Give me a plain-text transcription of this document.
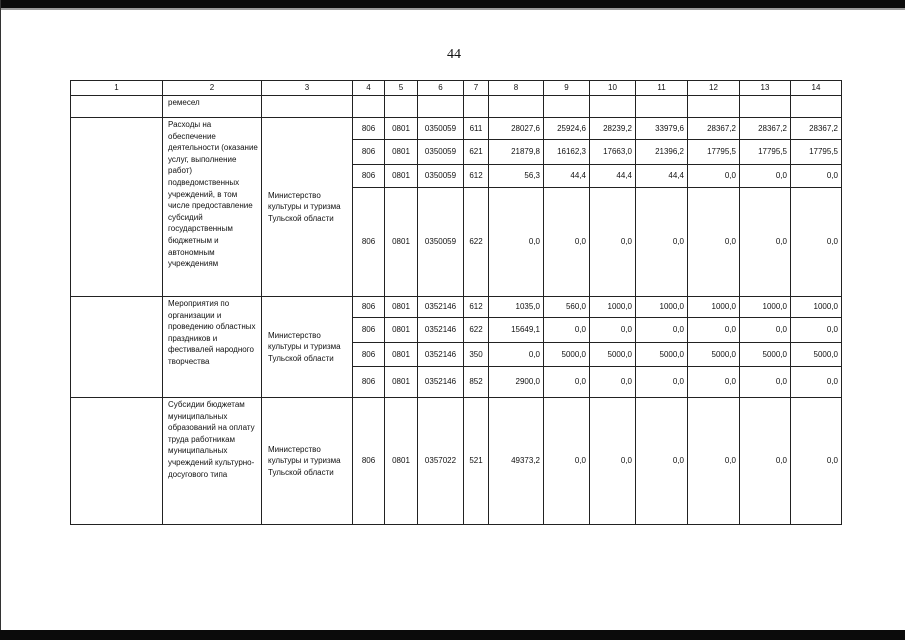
44
1	2	3	4	5	6	7	8	9	10	11	12	13	14
	ремесел												
	Расходы на обеспечение деятельности (оказание услуг, выполнение работ) подведомственных учреждений, в том числе предоставление субсидий государственным бюджетным и автономным учреждениям	Министерство культуры и туризма Тульской области	806	0801	0350059	611	28027,6	25924,6	28239,2	33979,6	28367,2	28367,2	28367,2
			806	0801	0350059	621	21879,8	16162,3	17663,0	21396,2	17795,5	17795,5	17795,5
			806	0801	0350059	612	56,3	44,4	44,4	44,4	0,0	0,0	0,0
			806	0801	0350059	622	0,0	0,0	0,0	0,0	0,0	0,0	0,0
	Мероприятия по организации и проведению областных праздников и фестивалей народного творчества	Министерство культуры и туризма Тульской области	806	0801	0352146	612	1035,0	560,0	1000,0	1000,0	1000,0	1000,0	1000,0
			806	0801	0352146	622	15649,1	0,0	0,0	0,0	0,0	0,0	0,0
			806	0801	0352146	350	0,0	5000,0	5000,0	5000,0	5000,0	5000,0	5000,0
			806	0801	0352146	852	2900,0	0,0	0,0	0,0	0,0	0,0	0,0
	Субсидии бюджетам муниципальных образований на оплату труда работникам муниципальных учреждений культурно-досугового типа	Министерство культуры и туризма Тульской области	806	0801	0357022	521	49373,2	0,0	0,0	0,0	0,0	0,0	0,0
